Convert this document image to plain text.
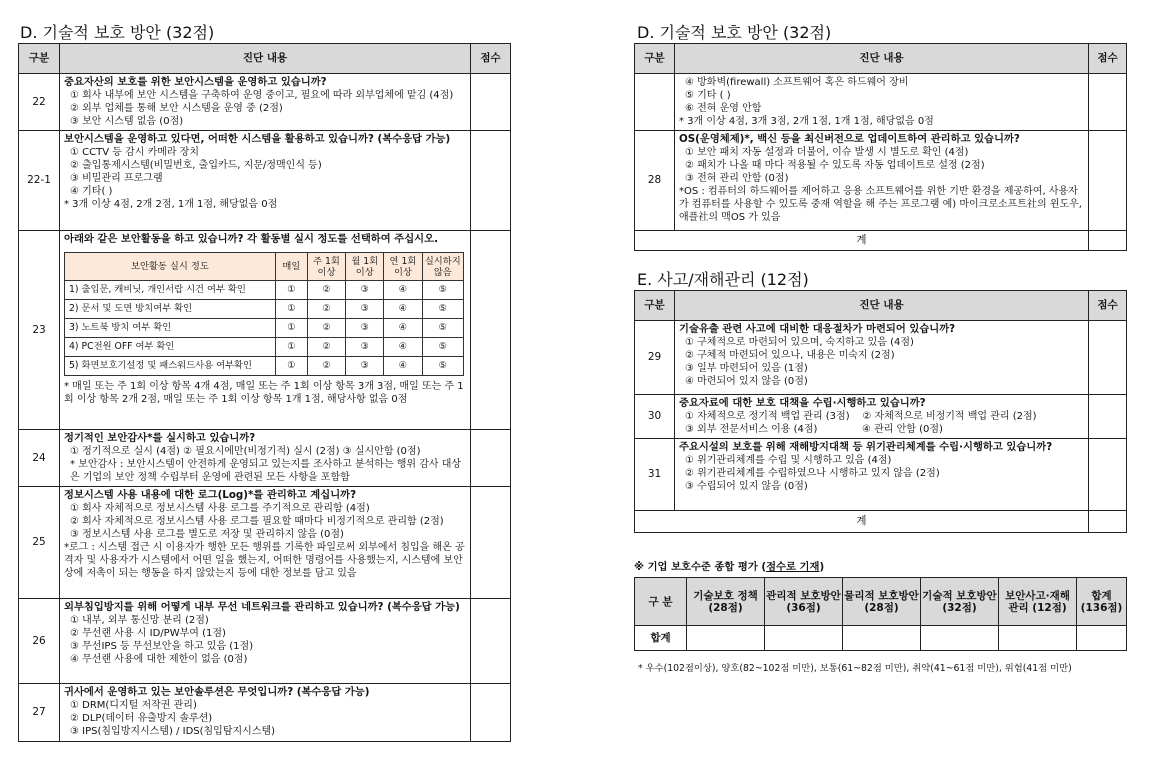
D. 기술적 보호 방안 (32점)
구분	진단 내용	점수
22	
중요자산의 보호를 위한 보안시스템을 운영하고 있습니까?
① 회사 내부에 보안 시스템을 구축하여 운영 중이고, 필요에 따라 외부업체에 맡김 (4점)
② 외부 업체를 통해 보안 시스템을 운영 중 (2점)
③ 보안 시스템 없음 (0점)

22-1	
보안시스템을 운영하고 있다면, 어떠한 시스템을 활용하고 있습니까? (복수응답 가능)
① CCTV 등 감시 카메라 장치
② 출입통제시스템(비밀번호, 출입카드, 지문/정맥인식 등)
③ 비밀관리 프로그램
④ 기타( )
* 3개 이상 4점, 2개 2점, 1개 1점, 해당없음 0점

23	
아래와 같은 보안활동을 하고 있습니까? 각 활동별 실시 정도를 선택하여 주십시오.
보안활동 실시 정도	매일	주 1회 이상	월 1회 이상	연 1회 이상	실시하지 않음
1) 출입문, 캐비닛, 개인서랍 시건 여부 확인	①	②	③	④	⑤
2) 문서 및 도면 방치여부 확인	①	②	③	④	⑤
3) 노트북 방치 여부 확인	①	②	③	④	⑤
4) PC전원 OFF 여부 확인	①	②	③	④	⑤
5) 화면보호기설정 및 패스워드사용 여부확인	①	②	③	④	⑤
* 매일 또는 주 1회 이상 항목 4개 4점, 매일 또는 주 1회 이상 항목 3개 3점, 매일 또는 주 1회 이상 항목 2개 2점, 매일 또는 주 1회 이상 항목 1개 1점, 해당사항 없음 0점

24	
정기적인 보안감사*를 실시하고 있습니까?
① 정기적으로 실시 (4점) ② 필요시에만(비정기적) 실시 (2점) ③ 실시안함 (0점)
* 보안감사 : 보안시스템이 안전하게 운영되고 있는지를 조사하고 분석하는 행위 감사 대상은 기업의 보안 정책 수립부터 운영에 관련된 모든 사항을 포함함

25	
정보시스템 사용 내용에 대한 로그(Log)*를 관리하고 계십니까?
① 회사 자체적으로 정보시스템 사용 로그를 주기적으로 관리함 (4점)
② 회사 자체적으로 정보시스템 사용 로그를 필요할 때마다 비정기적으로 관리함 (2점)
③ 정보시스템 사용 로그를 별도로 저장 및 관리하지 않음 (0점)
*로그 : 시스템 접근 시 이용자가 행한 모든 행위를 기록한 파일로써 외부에서 침입을 해온 공격자 및 사용자가 시스템에서 어떤 일을 했는지, 어떠한 명령어를 사용했는지, 시스템에 보안상에 저촉이 되는 행동을 하지 않았는지 등에 대한 정보를 담고 있음

26	
외부침입방지를 위해 어떻게 내부 무선 네트워크를 관리하고 있습니까? (복수응답 가능)
① 내부, 외부 통신망 분리 (2점)
② 무선랜 사용 시 ID/PW부여 (1점)
③ 무선IPS 등 무선보안을 하고 있음 (1점)
④ 무선랜 사용에 대한 제한이 없음 (0점)

27	
귀사에서 운영하고 있는 보안솔루션은 무엇입니까? (복수응답 가능)
① DRM(디지털 저작권 관리)
② DLP(데이터 유출방지 솔루션)
③ IPS(침입방지시스템) / IDS(침입탐지시스템)

D. 기술적 보호 방안 (32점)
구분	진단 내용	점수

	④ 방화벽(firewall) 소프트웨어 혹은 하드웨어 장비
⑤ 기타 ( )
⑥ 전혀 운영 안함
* 3개 이상 4점, 3개 3점, 2개 1점, 1개 1점, 해당없음 0점	

28	OS(운영체제)*, 백신 등을 최신버전으로 업데이트하여 관리하고 있습니까?
① 보안 패치 자동 설정과 더불어, 이슈 발생 시 별도로 확인 (4점)
② 패치가 나올 때 마다 적용될 수 있도록 자동 업데이트로 설정 (2점)
③ 전혀 관리 안함 (0점)
*OS : 컴퓨터의 하드웨어를 제어하고 응용 소프트웨어를 위한 기반 환경을 제공하여, 사용자가 컴퓨터를 사용할 수 있도록 중재 역할을 해 주는 프로그램 예) 마이크로소프트社의 윈도우, 애플社의 맥OS 가 있음	

계		
E. 사고/재해관리 (12점)
구분	진단 내용	점수
29	기술유출 관련 사고에 대비한 대응절차가 마련되어 있습니까?
① 구체적으로 마련되어 있으며, 숙지하고 있음 (4점)
② 구체적 마련되어 있으나, 내용은 미숙지 (2점)
③ 일부 마련되어 있음 (1점)
④ 마련되어 있지 않음 (0점)	

30	중요자료에 대한 보호 대책을 수립·시행하고 있습니까?
① 자체적으로 정기적 백업 관리 (3점)    ② 자체적으로 비정기적 백업 관리 (2점)
③ 외부 전문서비스 이용 (4점)              ④ 관리 안함 (0점)	

31	주요시설의 보호를 위해 재해방지대책 등 위기관리체계를 수립·시행하고 있습니까?
① 위기관리체계를 수립 및 시행하고 있음 (4점)
② 위기관리체계를 수립하였으나 시행하고 있지 않음 (2점)
③ 수립되어 있지 않음 (0점)	

계		
※ 기업 보호수준 종합 평가 (점수로 기재)
구 분	기술보호 정책 (28점)	관리적 보호방안 (36점)	물리적 보호방안 (28점)	기술적 보호방안 (32점)	보안사고·재해 관리 (12점)	합계 (136점)
합계						
* 우수(102점이상), 양호(82~102점 미만), 보통(61~82점 미만), 취약(41~61점 미만), 위험(41점 미만)
